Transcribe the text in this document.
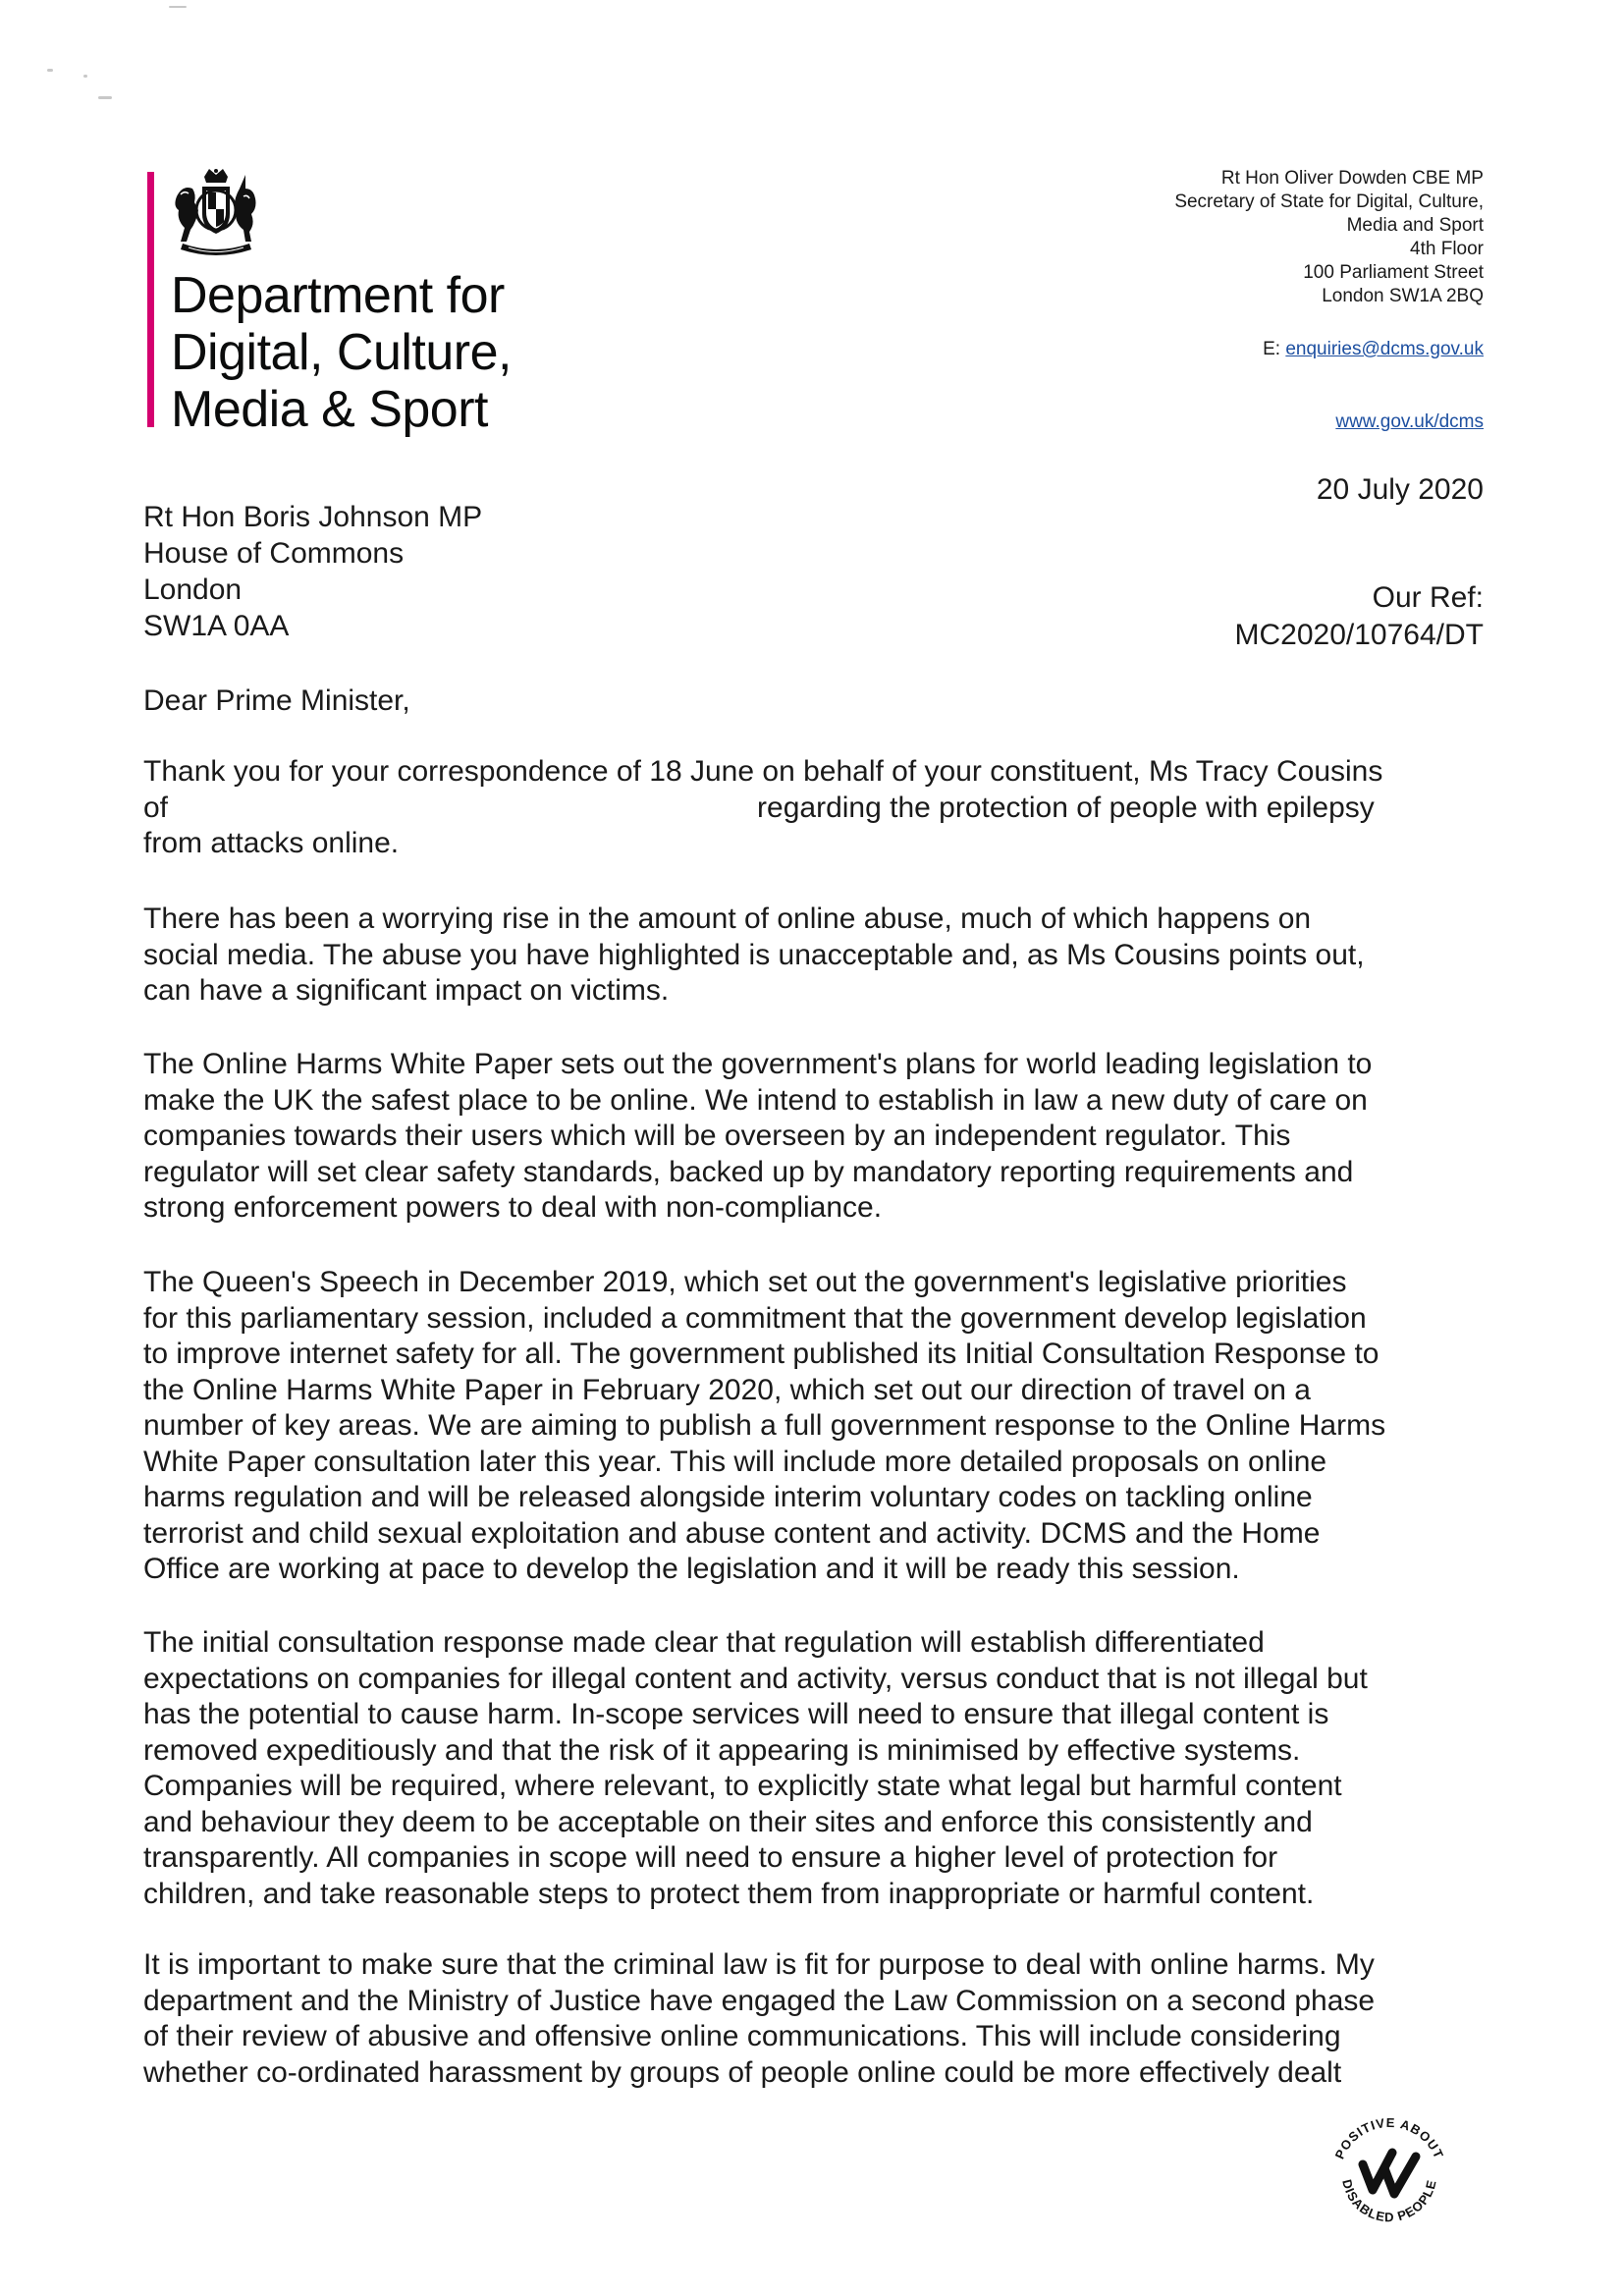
Department for
Digital, Culture,
Media & Sport
Rt Hon Oliver Dowden CBE MP
Secretary of State for Digital, Culture,
Media and Sport
4th Floor
100 Parliament Street
London SW1A 2BQ
E: enquiries@dcms.gov.uk
www.gov.uk/dcms
20 July 2020
Our Ref:
MC2020/10764/DT
Rt Hon Boris Johnson MP
House of Commons
London
SW1A 0AA
Dear Prime Minister,
Thank you for your correspondence of 18 June on behalf of your constituent, Ms Tracy Cousins
of	regarding the protection of people with epilepsy
from attacks online.
There has been a worrying rise in the amount of online abuse, much of which happens on
social media. The abuse you have highlighted is unacceptable and, as Ms Cousins points out,
can have a significant impact on victims.
The Online Harms White Paper sets out the government's plans for world leading legislation to
make the UK the safest place to be online. We intend to establish in law a new duty of care on
companies towards their users which will be overseen by an independent regulator. This
regulator will set clear safety standards, backed up by mandatory reporting requirements and
strong enforcement powers to deal with non-compliance.
The Queen's Speech in December 2019, which set out the government's legislative priorities
for this parliamentary session, included a commitment that the government develop legislation
to improve internet safety for all. The government published its Initial Consultation Response to
the Online Harms White Paper in February 2020, which set out our direction of travel on a
number of key areas. We are aiming to publish a full government response to the Online Harms
White Paper consultation later this year. This will include more detailed proposals on online
harms regulation and will be released alongside interim voluntary codes on tackling online
terrorist and child sexual exploitation and abuse content and activity. DCMS and the Home
Office are working at pace to develop the legislation and it will be ready this session.
The initial consultation response made clear that regulation will establish differentiated
expectations on companies for illegal content and activity, versus conduct that is not illegal but
has the potential to cause harm. In-scope services will need to ensure that illegal content is
removed expeditiously and that the risk of it appearing is minimised by effective systems.
Companies will be required, where relevant, to explicitly state what legal but harmful content
and behaviour they deem to be acceptable on their sites and enforce this consistently and
transparently. All companies in scope will need to ensure a higher level of protection for
children, and take reasonable steps to protect them from inappropriate or harmful content.
It is important to make sure that the criminal law is fit for purpose to deal with online harms. My
department and the Ministry of Justice have engaged the Law Commission on a second phase
of their review of abusive and offensive online communications. This will include considering
whether co-ordinated harassment by groups of people online could be more effectively dealt
POSITIVE ABOUT
DISABLED PEOPLE
